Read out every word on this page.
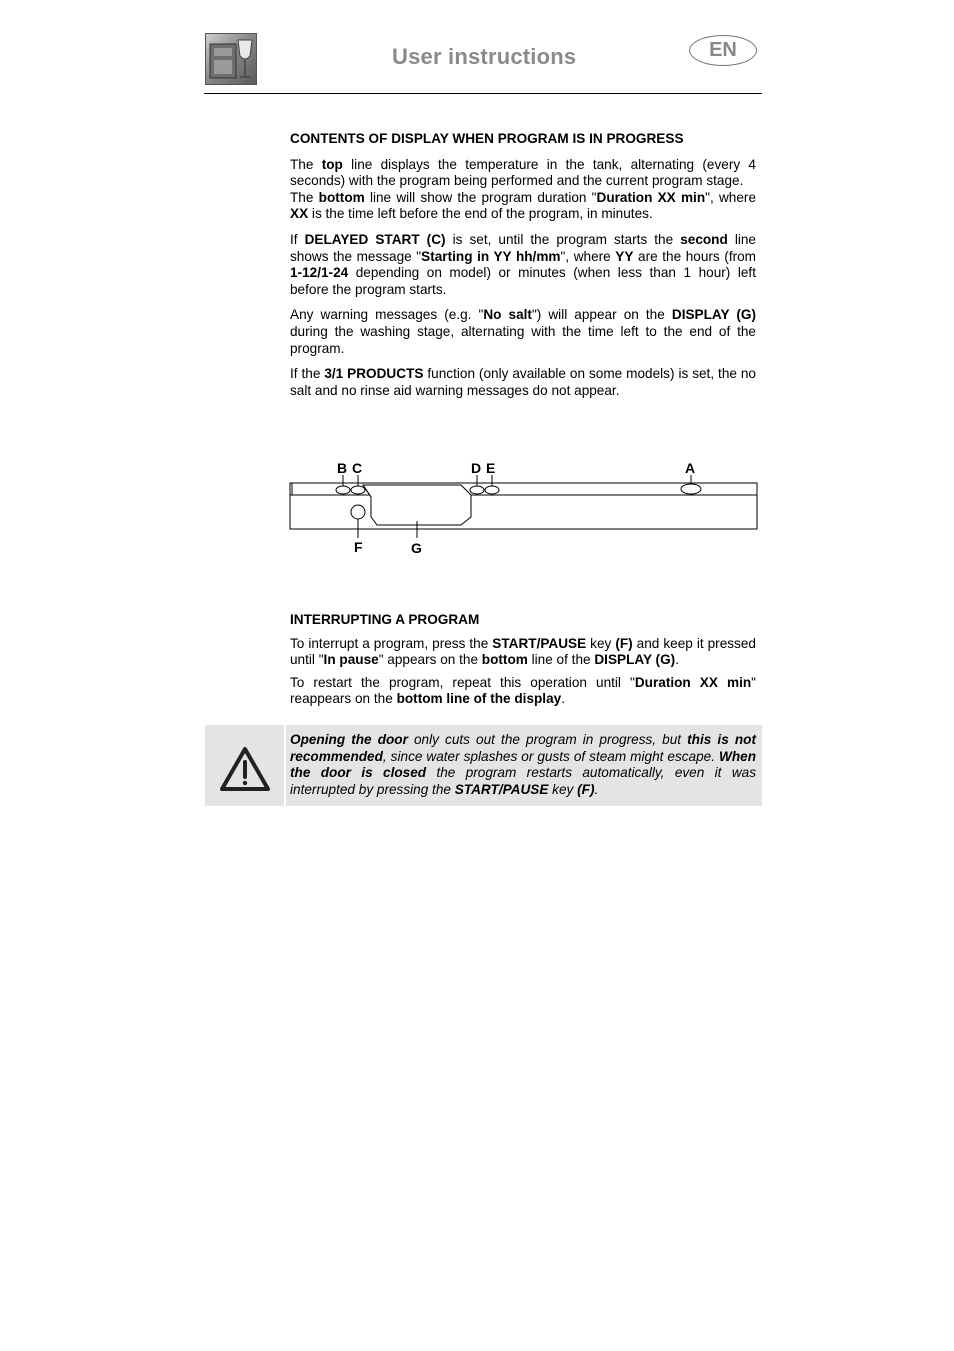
User instructions	EN

CONTENTS OF DISPLAY WHEN PROGRAM IS IN PROGRESS

The top line displays the temperature in the tank, alternating (every 4 seconds) with the program being performed and the current program stage.

The bottom line will show the program duration "Duration XX min", where XX is the time left before the end of the program, in minutes.

If DELAYED START (C) is set, until the program starts the second line shows the message "Starting in YY hh/mm", where YY are the hours (from 1-12/1-24 depending on model) or minutes (when less than 1 hour) left before the program starts.

Any warning messages (e.g. "No salt") will appear on the DISPLAY (G) during the washing stage, alternating with the time left to the end of the program.

If the 3/1 PRODUCTS function (only available on some models) is set, the no salt and no rinse aid warning messages do not appear.

B C	D E	A
F	G

INTERRUPTING A PROGRAM

To interrupt a program, press the START/PAUSE key (F) and keep it pressed until "In pause" appears on the bottom line of the DISPLAY (G).

To restart the program, repeat this operation until "Duration XX min" reappears on the bottom line of the display.

Opening the door only cuts out the program in progress, but this is not recommended, since water splashes or gusts of steam might escape. When the door is closed the program restarts automatically, even it was interrupted by pressing the START/PAUSE key (F).
